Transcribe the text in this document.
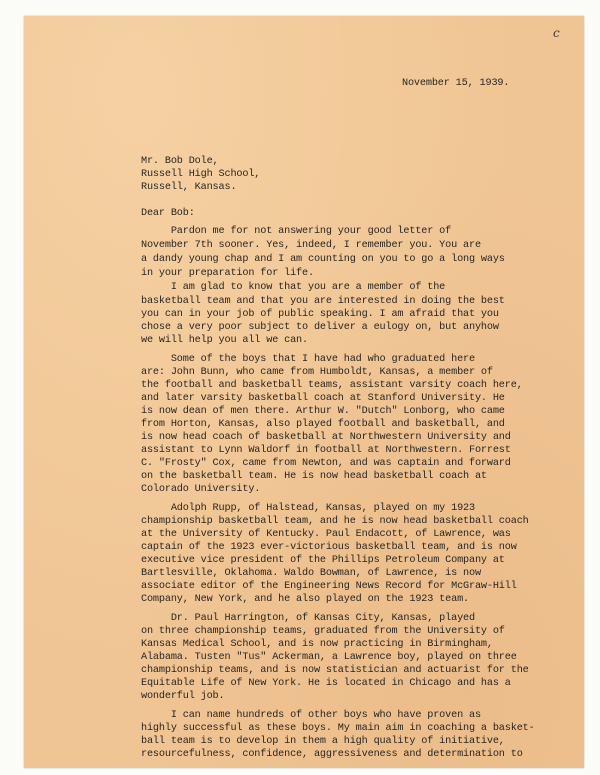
c
November 15, 1939.
Mr. Bob Dole,
Russell High School,
Russell, Kansas.
Dear Bob:
Pardon me for not answering your good letter of
November 7th sooner. Yes, indeed, I remember you. You are
a dandy young chap and I am counting on you to go a long ways
in your preparation for life.
I am glad to know that you are a member of the
basketball team and that you are interested in doing the best
you can in your job of public speaking. I am afraid that you
chose a very poor subject to deliver a eulogy on, but anyhow
we will help you all we can.
Some of the boys that I have had who graduated here
are: John Bunn, who came from Humboldt, Kansas, a member of
the football and basketball teams, assistant varsity coach here,
and later varsity basketball coach at Stanford University. He
is now dean of men there. Arthur W. "Dutch" Lonborg, who came
from Horton, Kansas, also played football and basketball, and
is now head coach of basketball at Northwestern University and
assistant to Lynn Waldorf in football at Northwestern. Forrest
C. "Frosty" Cox, came from Newton, and was captain and forward
on the basketball team. He is now head basketball coach at
Colorado University.
Adolph Rupp, of Halstead, Kansas, played on my 1923
championship basketball team, and he is now head basketball coach
at the University of Kentucky. Paul Endacott, of Lawrence, was
captain of the 1923 ever-victorious basketball team, and is now
executive vice president of the Phillips Petroleum Company at
Bartlesville, Oklahoma. Waldo Bowman, of Lawrence, is now
associate editor of the Engineering News Record for McGraw-Hill
Company, New York, and he also played on the 1923 team.
Dr. Paul Harrington, of Kansas City, Kansas, played
on three championship teams, graduated from the University of
Kansas Medical School, and is now practicing in Birmingham,
Alabama. Tusten "Tus" Ackerman, a Lawrence boy, played on three
championship teams, and is now statistician and actuarist for the
Equitable Life of New York. He is located in Chicago and has a
wonderful job.
I can name hundreds of other boys who have proven as
highly successful as these boys. My main aim in coaching a basket-
ball team is to develop in them a high quality of initiative,
resourcefulness, confidence, aggressiveness and determination to
